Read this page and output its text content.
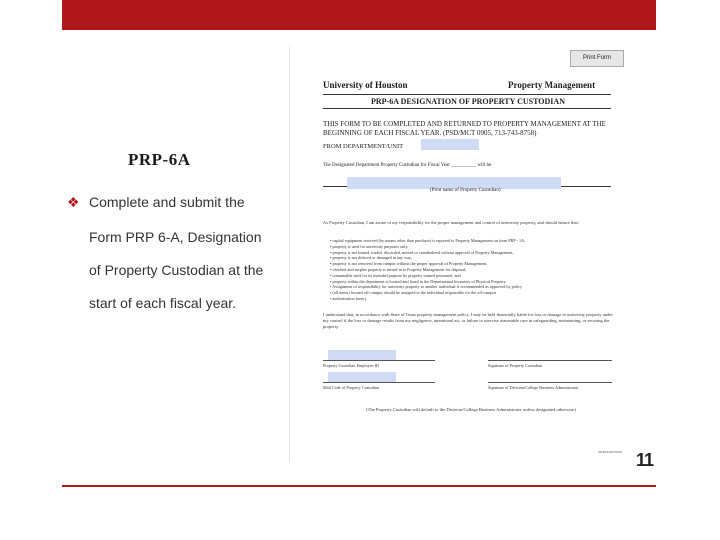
PRP-6A
❖ Complete and submit the
Form PRP 6-A, Designation
of Property Custodian at the
start of each fiscal year.
Print Form
University of Houston	Property Management
PRP-6A DESIGNATION OF PROPERTY CUSTODIAN
THIS FORM TO BE COMPLETED AND RETURNED TO PROPERTY MANAGEMENT AT THE BEGINNING OF EACH FISCAL YEAR. (PSD/MCT 0905, 713-743-8758)
FROM DEPARTMENT/UNIT
The Designated Department Property Custodian for Fiscal Year __________ will be
(Print name of Property Custodian)
As Property Custodian, I am aware of my responsibility for the proper management and control of university property, and should ensure that:
• capital equipment received (by means other than purchase) is reported to Property Management on form PRP - 1A,
• property is used for university purposes only,
• property is not loaned, traded, discarded, moved or cannibalized without approval of Property Management,
• property is not defaced or damaged in any way,
• property is not removed from campus without the proper approval of Property Management,
• obsolete and surplus property is turned in to Property Management for disposal,
• consumable used for its intended purpose by property trained personnel, and
• property within the department is located and listed in the Departmental Inventory of Physical Property.
• Assignment of responsibility for university property to another individual is recommended as approved by policy
• (all items) located off-campus should be assigned to the individual responsible for the off-campus
• authorization form.)
I understand that, in accordance with State of Texas property management policy, I may be held financially liable for loss or damage to university property under my control if the loss or damage results from my negligence, intentional act, or failure to exercise reasonable care in safeguarding, maintaining, or securing the property.
Property Custodian Employee ID	Signature of Property Custodian
Mail Code of Property Custodian	Signature of Division/College Business Administrator
(The Property Custodian will default to the Division/College Business Administrator unless designated otherwise)
PRP6A 08/02/06 11
